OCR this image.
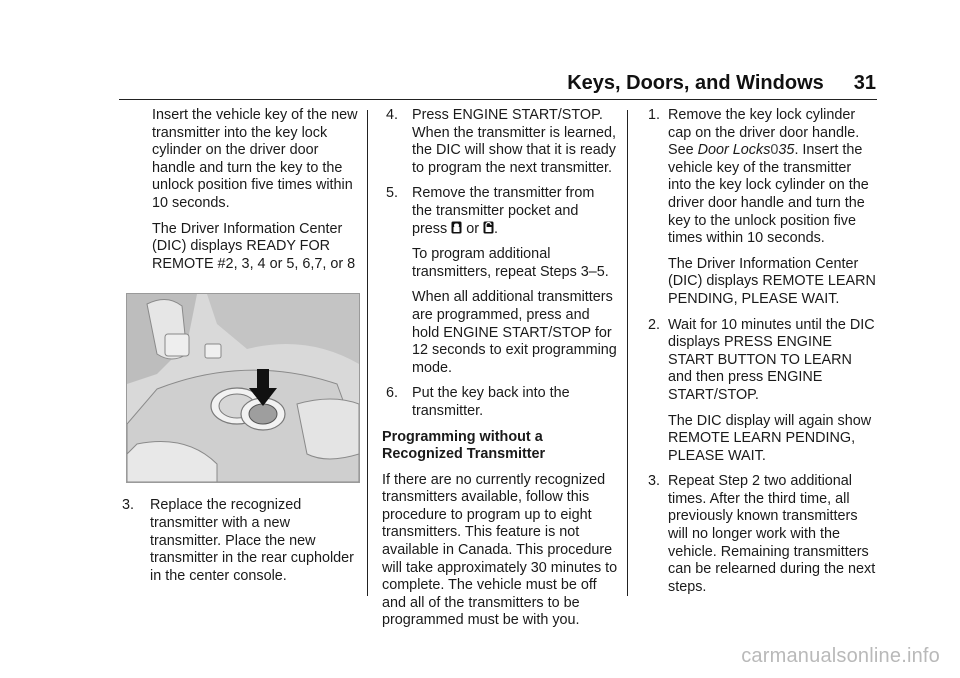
Keys, Doors, and Windows 31

Insert the vehicle key of the new transmitter into the key lock cylinder on the driver door handle and turn the key to the unlock position five times within 10 seconds.

The Driver Information Center (DIC) displays READY FOR REMOTE #2, 3, 4 or 5, 6,7, or 8

3. Replace the recognized transmitter with a new transmitter. Place the new transmitter in the rear cupholder in the center console.

4. Press ENGINE START/STOP. When the transmitter is learned, the DIC will show that it is ready to program the next transmitter.

5. Remove the transmitter from the transmitter pocket and
press or .

To program additional transmitters, repeat Steps 3–5.

When all additional transmitters are programmed, press and hold ENGINE START/STOP for 12 seconds to exit programming mode.

6. Put the key back into the transmitter.

Programming without a Recognized Transmitter

If there are no currently recognized transmitters available, follow this procedure to program up to eight transmitters. This feature is not available in Canada. This procedure will take approximately 30 minutes to complete. The vehicle must be off and all of the transmitters to be programmed must be with you.

1. Remove the key lock cylinder cap on the driver door handle. See Door Locks035. Insert the vehicle key of the transmitter into the key lock cylinder on the driver door handle and turn the key to the unlock position five times within 10 seconds.

The Driver Information Center (DIC) displays REMOTE LEARN PENDING, PLEASE WAIT.

2. Wait for 10 minutes until the DIC displays PRESS ENGINE START BUTTON TO LEARN and then press ENGINE START/STOP.

The DIC display will again show REMOTE LEARN PENDING, PLEASE WAIT.

3. Repeat Step 2 two additional times. After the third time, all previously known transmitters will no longer work with the vehicle. Remaining transmitters can be relearned during the next steps.

carmanualsonline.info
